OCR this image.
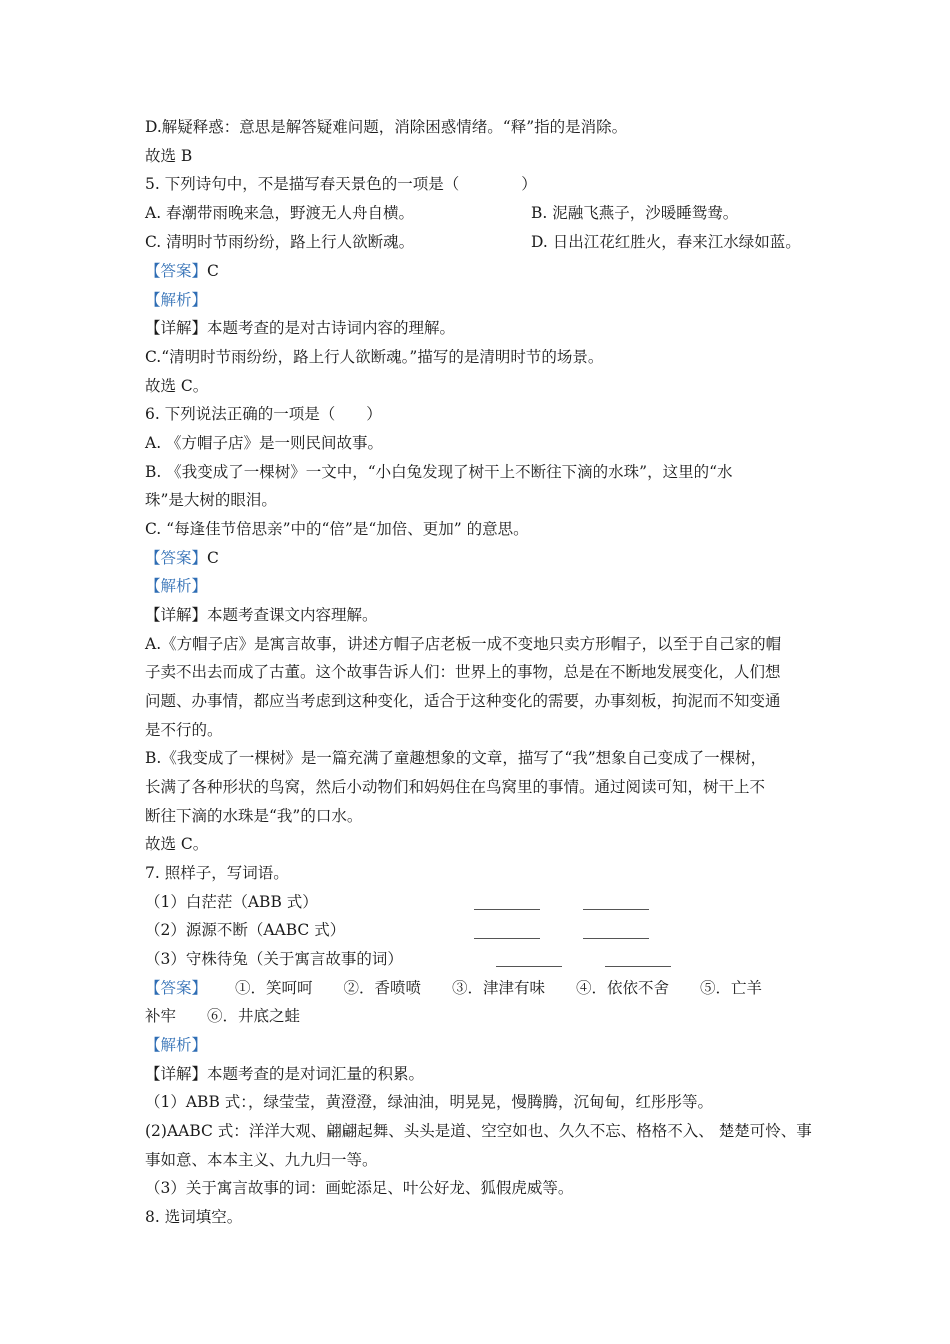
D.解疑释惑：意思是解答疑难问题，消除困惑情绪。“释”指的是消除。
故选 B
5. 下列诗句中，不是描写春天景色的一项是（　　　　）
A. 春潮带雨晚来急，野渡无人舟自横。	B. 泥融飞燕子，沙暖睡鸳鸯。
C. 清明时节雨纷纷，路上行人欲断魂。	D. 日出江花红胜火，春来江水绿如蓝。
【答案】C
【解析】
【详解】本题考查的是对古诗词内容的理解。
C.“清明时节雨纷纷，路上行人欲断魂。”描写的是清明时节的场景。
故选 C。
6. 下列说法正确的一项是（　　）
A. 《方帽子店》是一则民间故事。
B. 《我变成了一棵树》一文中，“小白兔发现了树干上不断往下滴的水珠”，这里的“水
珠”是大树的眼泪。
C. “每逢佳节倍思亲”中的“倍”是“加倍、更加” 的意思。
【答案】C
【解析】
【详解】本题考查课文内容理解。
A.《方帽子店》是寓言故事，讲述方帽子店老板一成不变地只卖方形帽子，以至于自己家的帽
子卖不出去而成了古董。这个故事告诉人们：世界上的事物，总是在不断地发展变化，人们想
问题、办事情，都应当考虑到这种变化，适合于这种变化的需要，办事刻板，拘泥而不知变通
是不行的。
B.《我变成了一棵树》是一篇充满了童趣想象的文章，描写了“我”想象自己变成了一棵树，
长满了各种形状的鸟窝，然后小动物们和妈妈住在鸟窝里的事情。通过阅读可知，树干上不
断往下滴的水珠是“我”的口水。
故选 C。
7. 照样子，写词语。
（1）白茫茫（ABB 式）
（2）源源不断（AABC 式）
（3）守株待兔（关于寓言故事的词）
【答案】 ①．笑呵呵　　②．香喷喷　　③．津津有味　　④．依依不舍　　⑤．亡羊
补牢　　⑥．井底之蛙
【解析】
【详解】本题考查的是对词汇量的积累。
（1）ABB 式：，绿莹莹，黄澄澄，绿油油，明晃晃，慢腾腾，沉甸甸，红彤彤等。
(2)AABC 式：洋洋大观、翩翩起舞、头头是道、空空如也、久久不忘、格格不入、 楚楚可怜、事
事如意、本本主义、九九归一等。
（3）关于寓言故事的词：画蛇添足、叶公好龙、狐假虎威等。
8. 选词填空。
